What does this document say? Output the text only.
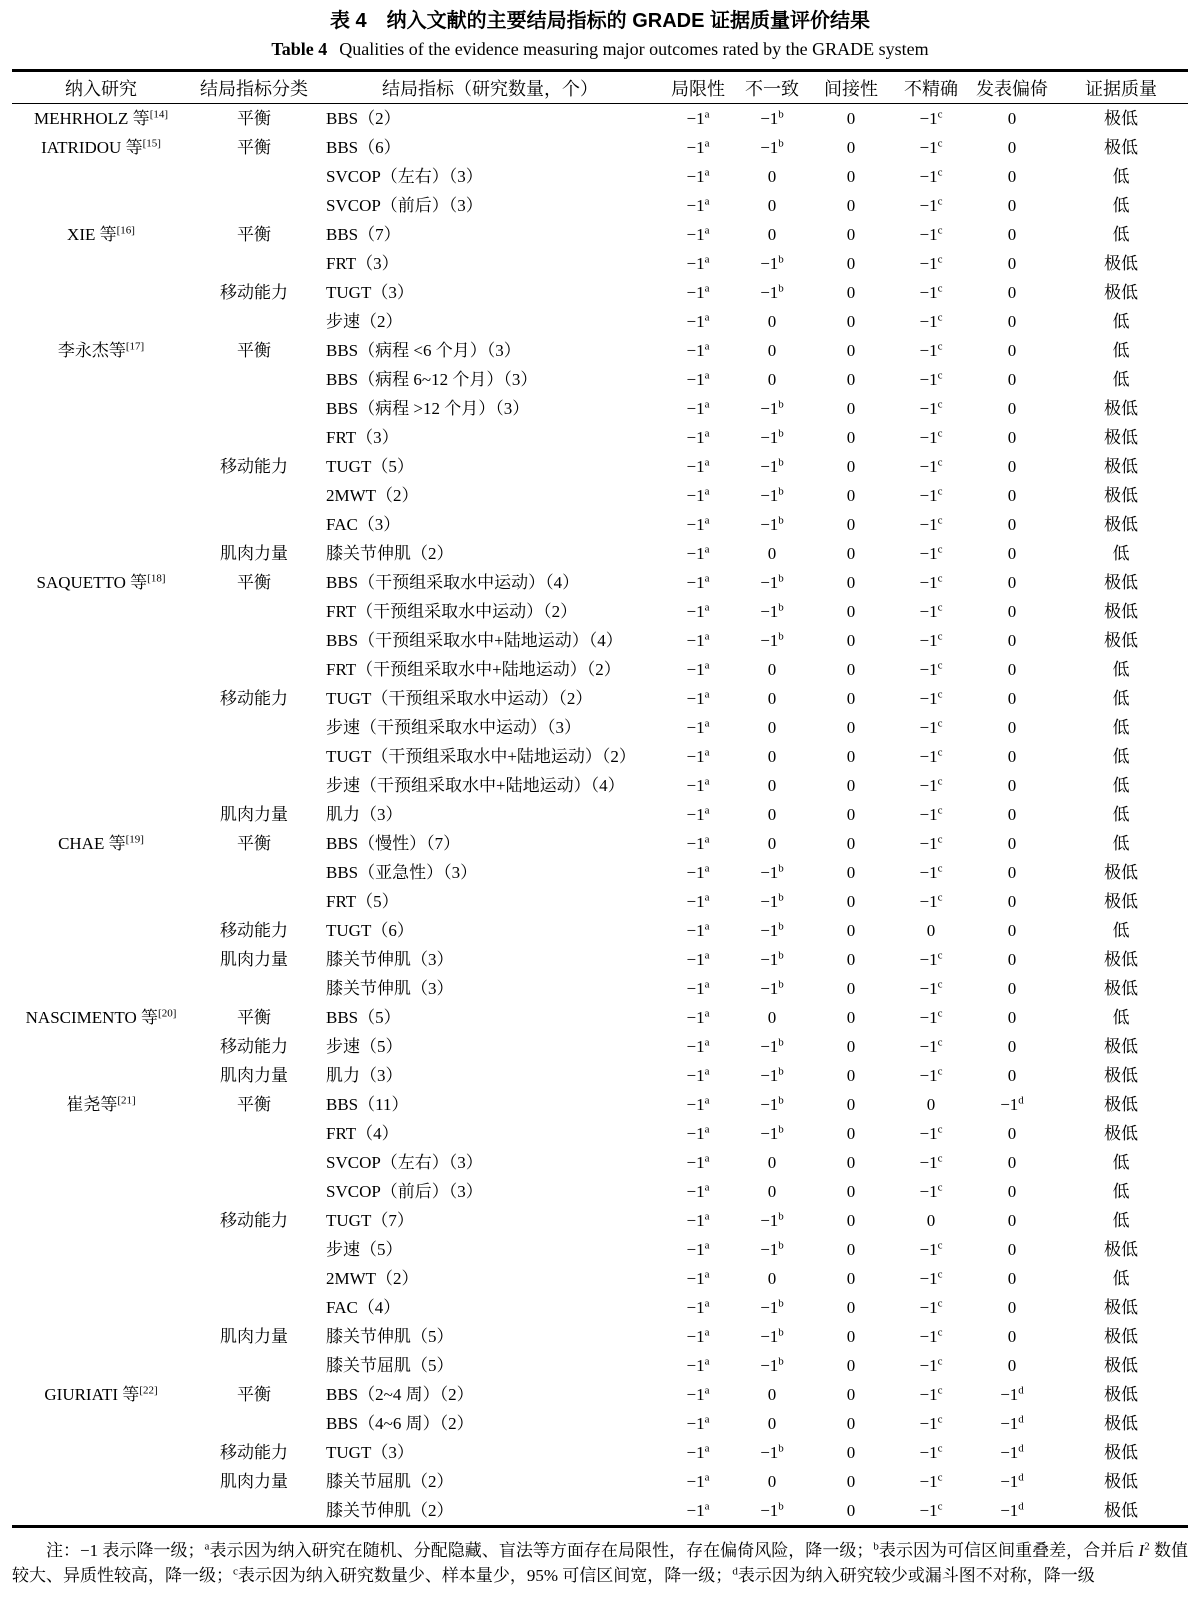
表 4　 纳入文献的主要结局指标的 GRADE 证据质量评价结果
Table 4 Qualities of the evidence measuring major outcomes rated by the GRADE system
纳入研究	结局指标分类	结局指标（研究数量，个）	局限性	不一致	间接性	不精确	发表偏倚	证据质量
MEHRHOLZ 等[14]	平衡	BBS（2）	$-1^a$	$-1^b$	0	$-1^c$	0	极低
IATRIDOU 等[15]	平衡	BBS（6）	$-1^a$	$-1^b$	0	$-1^c$	0	极低
		SVCOP（左右）（3）	$-1^a$	0	0	$-1^c$	0	低
		SVCOP（前后）（3）	$-1^a$	0	0	$-1^c$	0	低
XIE 等[16]	平衡	BBS（7）	$-1^a$	0	0	$-1^c$	0	低
		FRT（3）	$-1^a$	$-1^b$	0	$-1^c$	0	极低
	移动能力	TUGT（3）	$-1^a$	$-1^b$	0	$-1^c$	0	极低
		步速（2）	$-1^a$	0	0	$-1^c$	0	低
李永杰等[17]	平衡	BBS（病程 <6 个月）（3）	$-1^a$	0	0	$-1^c$	0	低
		BBS（病程 6~12 个月）（3）	$-1^a$	0	0	$-1^c$	0	低
		BBS（病程 >12 个月）（3）	$-1^a$	$-1^b$	0	$-1^c$	0	极低
		FRT（3）	$-1^a$	$-1^b$	0	$-1^c$	0	极低
	移动能力	TUGT（5）	$-1^a$	$-1^b$	0	$-1^c$	0	极低
		2MWT（2）	$-1^a$	$-1^b$	0	$-1^c$	0	极低
		FAC（3）	$-1^a$	$-1^b$	0	$-1^c$	0	极低
	肌肉力量	膝关节伸肌（2）	$-1^a$	0	0	$-1^c$	0	低
SAQUETTO 等[18]	平衡	BBS（干预组采取水中运动）（4）	$-1^a$	$-1^b$	0	$-1^c$	0	极低
		FRT（干预组采取水中运动）（2）	$-1^a$	$-1^b$	0	$-1^c$	0	极低
		BBS（干预组采取水中+陆地运动）（4）	$-1^a$	$-1^b$	0	$-1^c$	0	极低
		FRT（干预组采取水中+陆地运动）（2）	$-1^a$	0	0	$-1^c$	0	低
	移动能力	TUGT（干预组采取水中运动）（2）	$-1^a$	0	0	$-1^c$	0	低
		步速（干预组采取水中运动）（3）	$-1^a$	0	0	$-1^c$	0	低
		TUGT（干预组采取水中+陆地运动）（2）	$-1^a$	0	0	$-1^c$	0	低
		步速（干预组采取水中+陆地运动）（4）	$-1^a$	0	0	$-1^c$	0	低
	肌肉力量	肌力（3）	$-1^a$	0	0	$-1^c$	0	低
CHAE 等[19]	平衡	BBS（慢性）（7）	$-1^a$	0	0	$-1^c$	0	低
		BBS（亚急性）（3）	$-1^a$	$-1^b$	0	$-1^c$	0	极低
		FRT（5）	$-1^a$	$-1^b$	0	$-1^c$	0	极低
	移动能力	TUGT（6）	$-1^a$	$-1^b$	0	0	0	低
	肌肉力量	膝关节伸肌（3）	$-1^a$	$-1^b$	0	$-1^c$	0	极低
		膝关节伸肌（3）	$-1^a$	$-1^b$	0	$-1^c$	0	极低
NASCIMENTO 等[20]	平衡	BBS（5）	$-1^a$	0	0	$-1^c$	0	低
	移动能力	步速（5）	$-1^a$	$-1^b$	0	$-1^c$	0	极低
	肌肉力量	肌力（3）	$-1^a$	$-1^b$	0	$-1^c$	0	极低
崔尧等[21]	平衡	BBS（11）	$-1^a$	$-1^b$	0	0	$-1^d$	极低
		FRT（4）	$-1^a$	$-1^b$	0	$-1^c$	0	极低
		SVCOP（左右）（3）	$-1^a$	0	0	$-1^c$	0	低
		SVCOP（前后）（3）	$-1^a$	0	0	$-1^c$	0	低
	移动能力	TUGT（7）	$-1^a$	$-1^b$	0	0	0	低
		步速（5）	$-1^a$	$-1^b$	0	$-1^c$	0	极低
		2MWT（2）	$-1^a$	0	0	$-1^c$	0	低
		FAC（4）	$-1^a$	$-1^b$	0	$-1^c$	0	极低
	肌肉力量	膝关节伸肌（5）	$-1^a$	$-1^b$	0	$-1^c$	0	极低
		膝关节屈肌（5）	$-1^a$	$-1^b$	0	$-1^c$	0	极低
GIURIATI 等[22]	平衡	BBS（2~4 周）（2）	$-1^a$	0	0	$-1^c$	$-1^d$	极低
		BBS（4~6 周）（2）	$-1^a$	0	0	$-1^c$	$-1^d$	极低
	移动能力	TUGT（3）	$-1^a$	$-1^b$	0	$-1^c$	$-1^d$	极低
	肌肉力量	膝关节屈肌（2）	$-1^a$	0	0	$-1^c$	$-1^d$	极低
		膝关节伸肌（2）	$-1^a$	$-1^b$	0	$-1^c$	$-1^d$	极低
注：−1 表示降一级；$^a$表示因为纳入研究在随机、分配隐藏、盲法等方面存在局限性，存在偏倚风险，降一级；$^b$表示因为可信区间重叠差，合并后 $I^2$ 数值较大、异质性较高，降一级；$^c$表示因为纳入研究数量少、样本量少，95% 可信区间宽，降一级；$^d$表示因为纳入研究较少或漏斗图不对称，降一级
